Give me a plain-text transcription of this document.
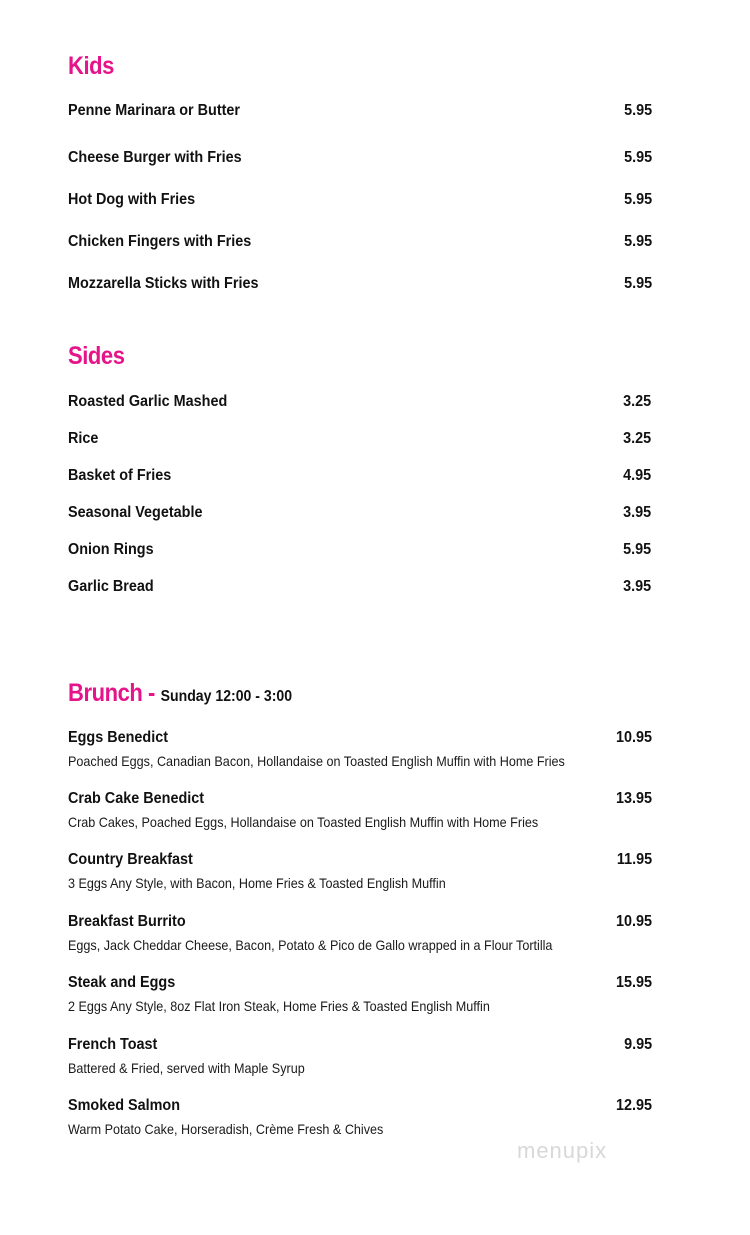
Kids
Penne Marinara or Butter	5.95
Cheese Burger with Fries	5.95
Hot Dog with Fries	5.95
Chicken Fingers with Fries	5.95
Mozzarella Sticks with Fries	5.95
Sides
Roasted Garlic Mashed	3.25
Rice	3.25
Basket of Fries	4.95
Seasonal Vegetable	3.95
Onion Rings	5.95
Garlic Bread	3.95
Brunch - Sunday 12:00 - 3:00
Eggs Benedict	10.95
Poached Eggs, Canadian Bacon, Hollandaise on Toasted English Muffin with Home Fries
Crab Cake Benedict	13.95
Crab Cakes, Poached Eggs, Hollandaise on Toasted English Muffin with Home Fries
Country Breakfast	11.95
3 Eggs Any Style, with Bacon, Home Fries & Toasted English Muffin
Breakfast Burrito	10.95
Eggs, Jack Cheddar Cheese, Bacon, Potato & Pico de Gallo wrapped in a Flour Tortilla
Steak and Eggs	15.95
2 Eggs Any Style, 8oz Flat Iron Steak, Home Fries & Toasted English Muffin
French Toast	9.95
Battered & Fried, served with Maple Syrup
Smoked Salmon	12.95
Warm Potato Cake, Horseradish, Crème Fresh & Chives
menupix
